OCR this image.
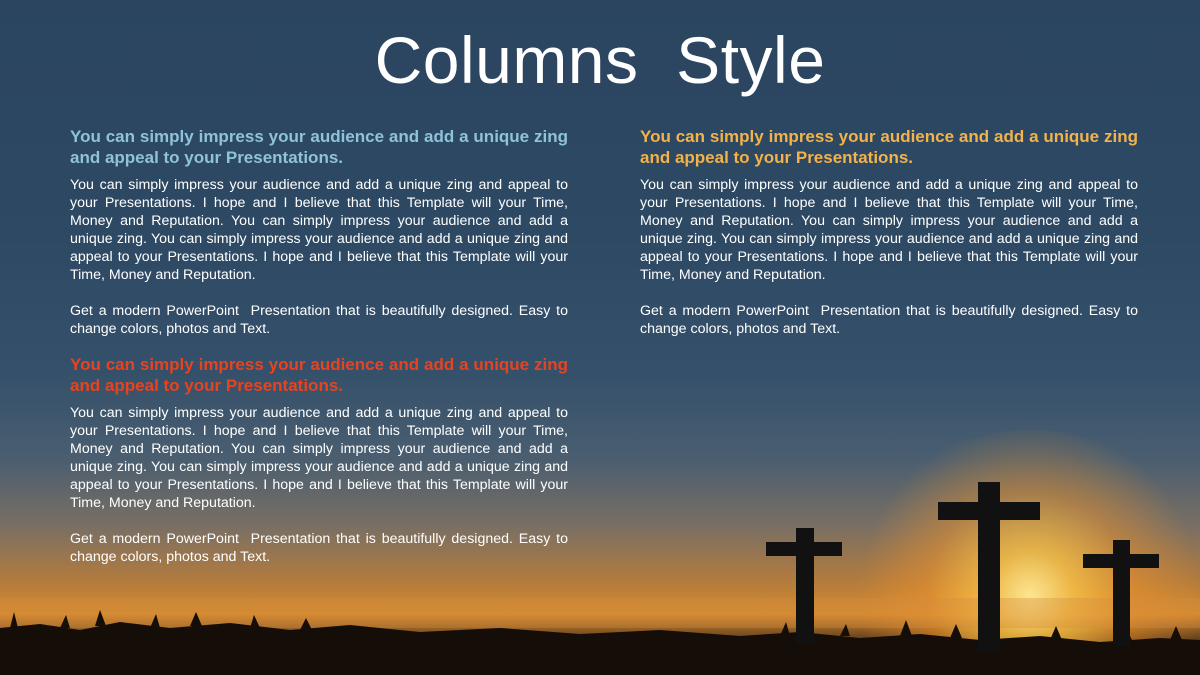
Columns  Style

You can simply impress your audience and add a unique zing and appeal to your Presentations.

You can simply impress your audience and add a unique zing and appeal to your Presentations. I hope and I believe that this Template will your Time, Money and Reputation. You can simply impress your audience and add a unique zing. You can simply impress your audience and add a unique zing and appeal to your Presentations. I hope and I believe that this Template will your Time, Money and Reputation.

Get a modern PowerPoint  Presentation that is beautifully designed. Easy to change colors, photos and Text.

You can simply impress your audience and add a unique zing and appeal to your Presentations.

You can simply impress your audience and add a unique zing and appeal to your Presentations. I hope and I believe that this Template will your Time, Money and Reputation. You can simply impress your audience and add a unique zing. You can simply impress your audience and add a unique zing and appeal to your Presentations. I hope and I believe that this Template will your Time, Money and Reputation.

Get a modern PowerPoint  Presentation that is beautifully designed. Easy to change colors, photos and Text.

You can simply impress your audience and add a unique zing and appeal to your Presentations.

You can simply impress your audience and add a unique zing and appeal to your Presentations. I hope and I believe that this Template will your Time, Money and Reputation. You can simply impress your audience and add a unique zing. You can simply impress your audience and add a unique zing and appeal to your Presentations. I hope and I believe that this Template will your Time, Money and Reputation.

Get a modern PowerPoint  Presentation that is beautifully designed. Easy to change colors, photos and Text.
